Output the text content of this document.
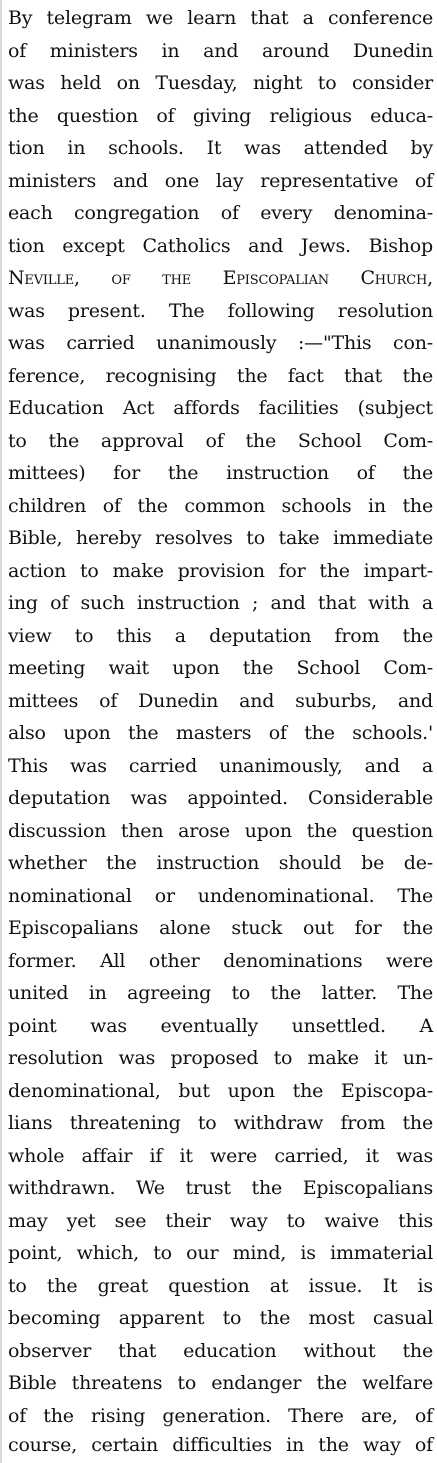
By telegram we learn that a conference
of ministers in and around Dunedin
was held on Tuesday, night to consider
the question of giving religious educa-
tion in schools. It was attended by
ministers and one lay representative of
each congregation of every denomina-
tion except Catholics and Jews. Bishop
Neville, of the Episcopalian Church,
was present. The following resolution
was carried unanimously :—"This con-
ference, recognising the fact that the
Education Act affords facilities (subject
to the approval of the School Com-
mittees) for the instruction of the
children of the common schools in the
Bible, hereby resolves to take immediate
action to make provision for the impart-
ing of such instruction ; and that with a
view to this a deputation from the
meeting wait upon the School Com-
mittees of Dunedin and suburbs, and
also upon the masters of the schools.'
This was carried unanimously, and a
deputation was appointed. Considerable
discussion then arose upon the question
whether the instruction should be de-
nominational or undenominational. The
Episcopalians alone stuck out for the
former. All other denominations were
united in agreeing to the latter. The
point was eventually unsettled. A
resolution was proposed to make it un-
denominational, but upon the Episcopa-
lians threatening to withdraw from the
whole affair if it were carried, it was
withdrawn. We trust the Episcopalians
may yet see their way to waive this
point, which, to our mind, is immaterial
to the great question at issue. It is
becoming apparent to the most casual
observer that education without the
Bible threatens to endanger the welfare
of the rising generation. There are, of
course, certain difficulties in the way of
